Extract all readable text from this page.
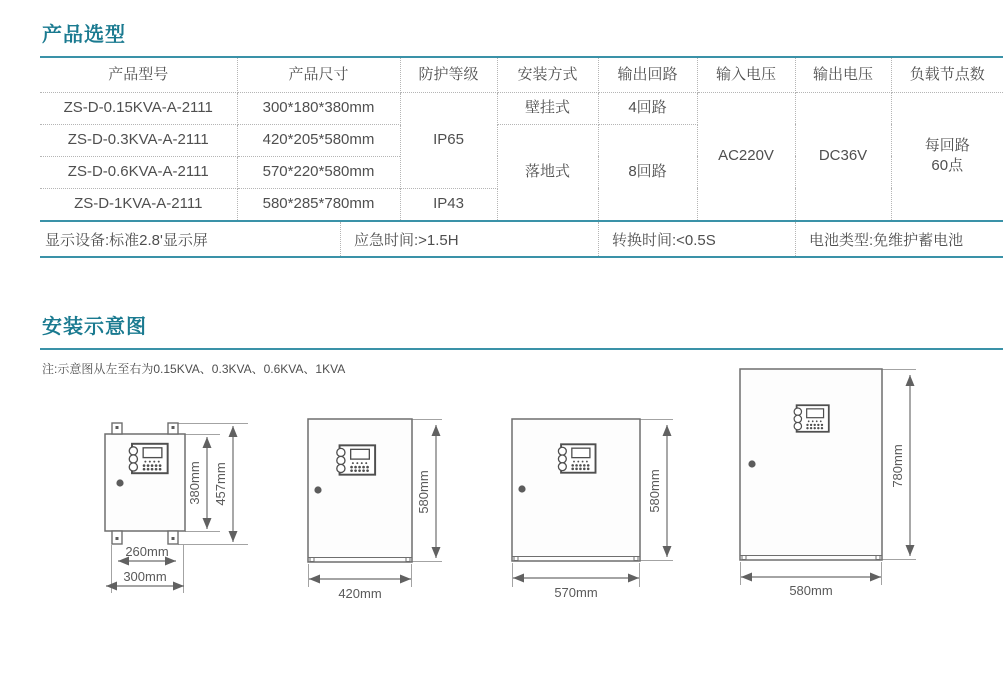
产品选型
产品型号	产品尺寸	防护等级	安装方式	输出回路	输入电压	输出电压	负载节点数
ZS-D-0.15KVA-A-2111	300*180*380mm	IP65	壁挂式	4回路	AC220V	DC36V	每回路
60点

ZS-D-0.3KVA-A-2111	420*205*580mm		落地式	8回路			
ZS-D-0.6KVA-A-2111	570*220*580mm						
ZS-D-1KVA-A-2111	580*285*780mm	IP43					
显示设备:标准2.8'显示屏	应急时间:>1.5H	转换时间:<0.5S	电池类型:免维护蓄电池
安装示意图

注:示意图从左至右为0.15KVA、0.3KVA、0.6KVA、1KVA

380mm 457mm
260mm
300mm
580mm
420mm
580mm
570mm
780mm
580mm
